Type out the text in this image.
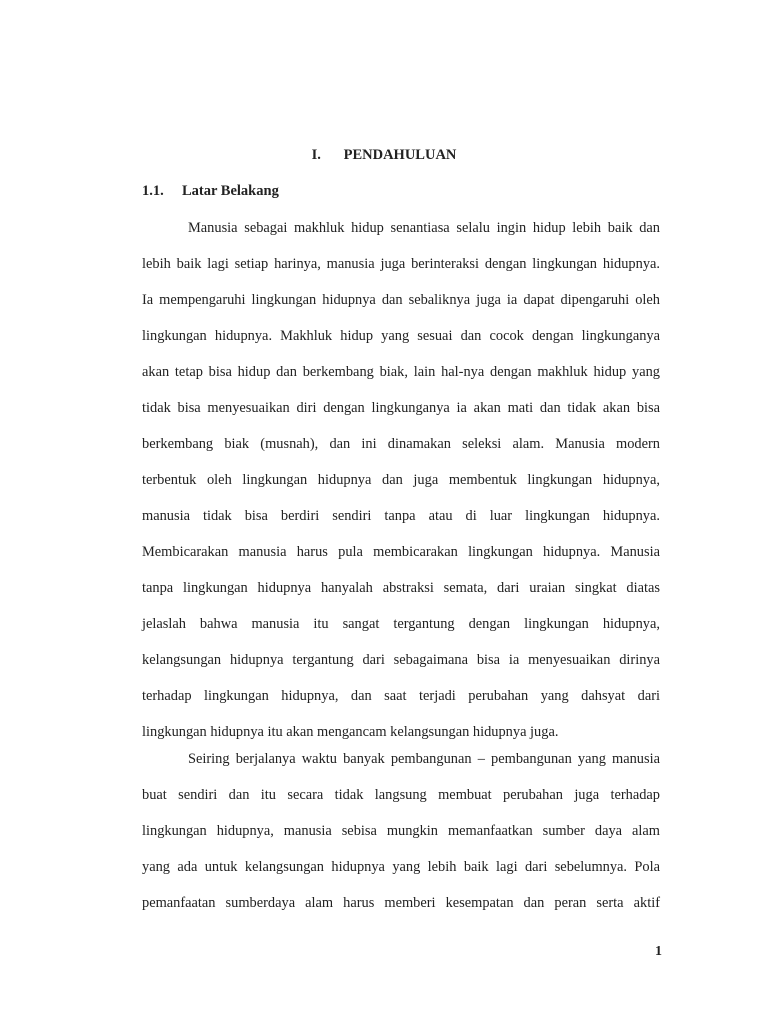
I. PENDAHULUAN
1.1. Latar Belakang
Manusia sebagai makhluk hidup senantiasa selalu ingin hidup lebih baik dan
lebih baik lagi setiap harinya, manusia juga berinteraksi dengan lingkungan hidupnya.
Ia mempengaruhi lingkungan hidupnya dan sebaliknya juga ia dapat dipengaruhi oleh
lingkungan hidupnya. Makhluk hidup yang sesuai dan cocok dengan lingkunganya
akan tetap bisa hidup dan berkembang biak, lain hal-nya dengan makhluk hidup yang
tidak bisa menyesuaikan diri dengan lingkunganya ia akan mati dan tidak akan bisa
berkembang biak (musnah), dan ini dinamakan seleksi alam. Manusia modern
terbentuk oleh lingkungan hidupnya dan juga membentuk lingkungan hidupnya,
manusia tidak bisa berdiri sendiri tanpa atau di luar lingkungan hidupnya.
Membicarakan manusia harus pula membicarakan lingkungan hidupnya. Manusia
tanpa lingkungan hidupnya hanyalah abstraksi semata, dari uraian singkat diatas
jelaslah bahwa manusia itu sangat tergantung dengan lingkungan hidupnya,
kelangsungan hidupnya tergantung dari sebagaimana bisa ia menyesuaikan dirinya
terhadap lingkungan hidupnya, dan saat terjadi perubahan yang dahsyat dari
lingkungan hidupnya itu akan mengancam kelangsungan hidupnya juga.
Seiring berjalanya waktu banyak pembangunan – pembangunan yang manusia
buat sendiri dan itu secara tidak langsung membuat perubahan juga terhadap
lingkungan hidupnya, manusia sebisa mungkin memanfaatkan sumber daya alam
yang ada untuk kelangsungan hidupnya yang lebih baik lagi dari sebelumnya. Pola
pemanfaatan sumberdaya alam harus memberi kesempatan dan peran serta aktif
1
